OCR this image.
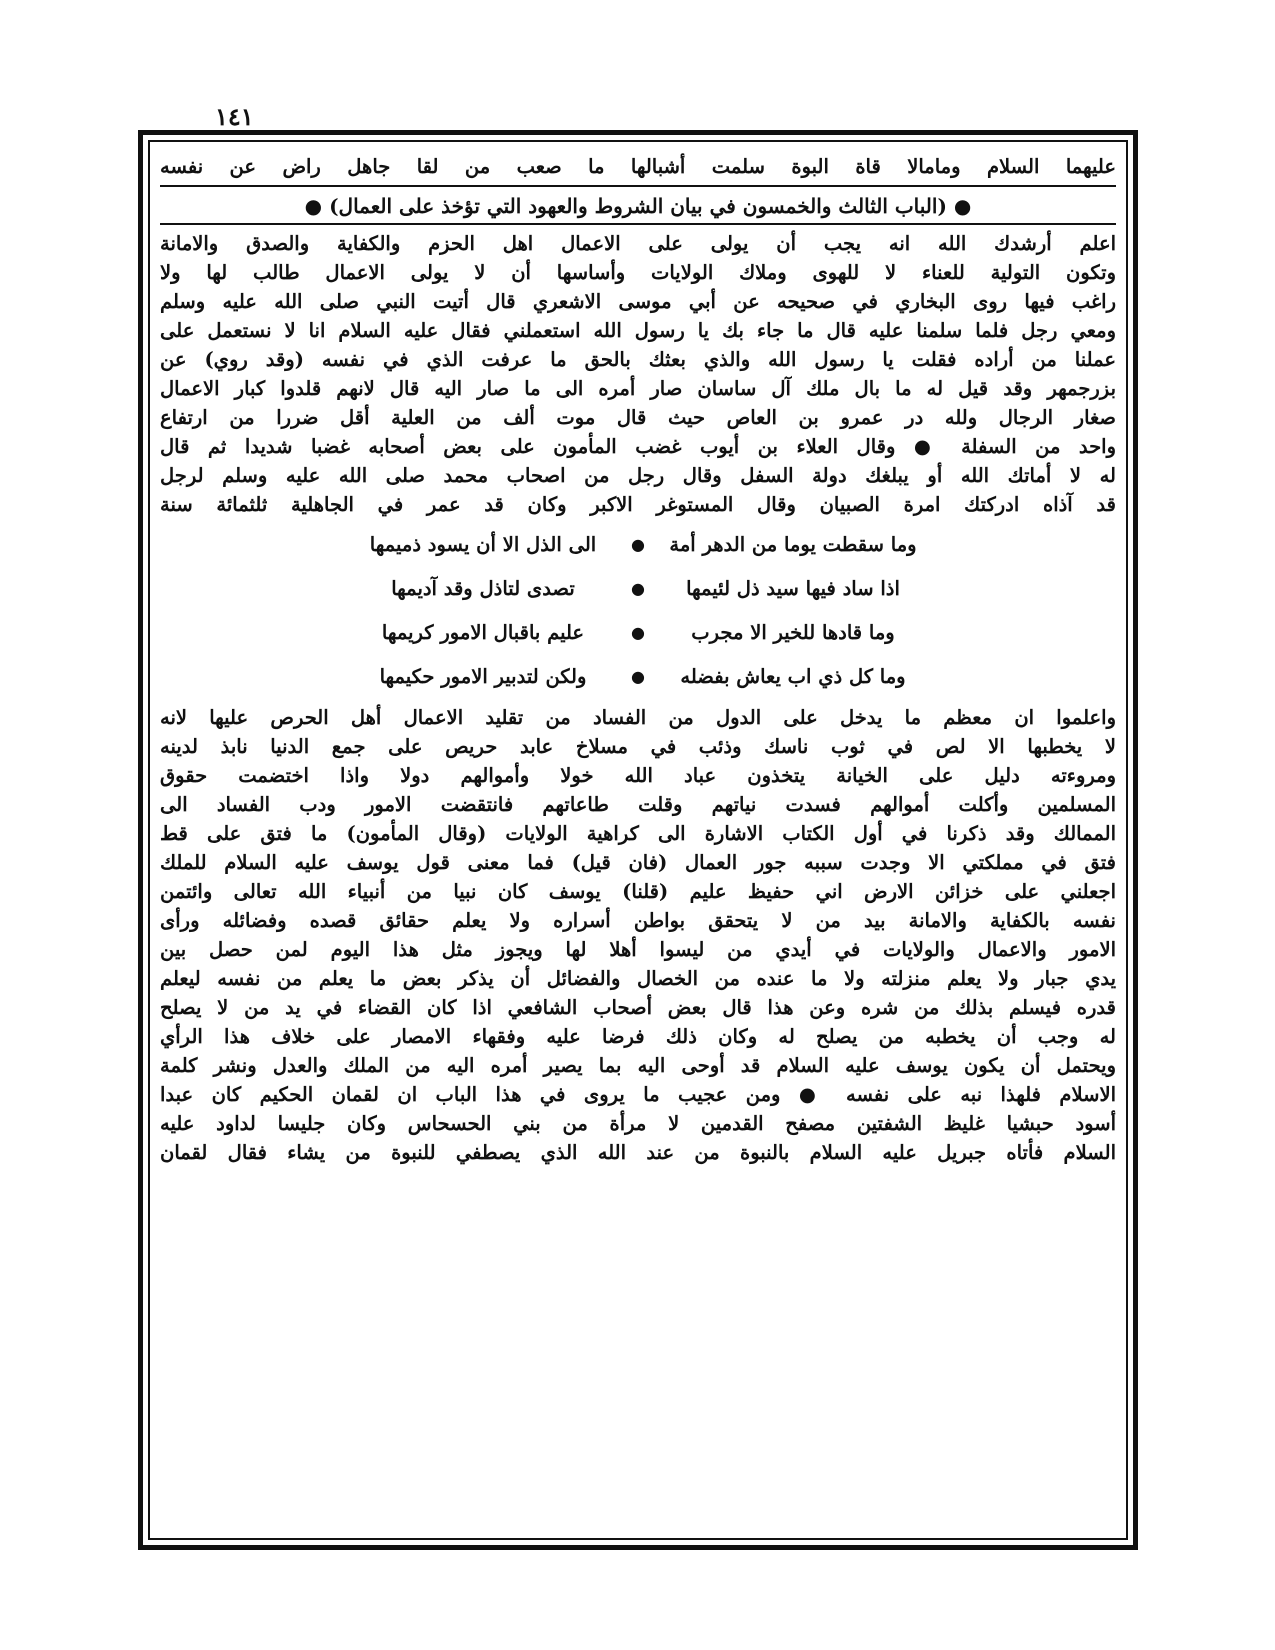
١٤١
عليهما السلام ومامالا قاة البوة سلمت أشبالها ما صعب من لقا جاهل راض عن نفسه
● (الباب الثالث والخمسون في بيان الشروط والعهود التي تؤخذ على العمال) ●
اعلم أرشدك الله انه يجب أن يولى على الاعمال اهل الحزم والكفاية والصدق والامانة
وتكون التولية للعناء لا للهوى وملاك الولايات وأساسها أن لا يولى الاعمال طالب لها ولا
راغب فيها روى البخاري في صحيحه عن أبي موسى الاشعري قال أتيت النبي صلى الله عليه وسلم
ومعي رجل فلما سلمنا عليه قال ما جاء بك يا رسول الله استعملني فقال عليه السلام انا لا نستعمل على
عملنا من أراده فقلت يا رسول الله والذي بعثك بالحق ما عرفت الذي في نفسه (وقد روي) عن
بزرجمهر وقد قيل له ما بال ملك آل ساسان صار أمره الى ما صار اليه قال لانهم قلدوا كبار الاعمال
صغار الرجال ولله در عمرو بن العاص حيث قال موت ألف من العلية أقل ضررا من ارتفاع
واحد من السفلة ● وقال العلاء بن أيوب غضب المأمون على بعض أصحابه غضبا شديدا ثم قال
له لا أماتك الله أو يبلغك دولة السفل وقال رجل من اصحاب محمد صلى الله عليه وسلم لرجل
قد آذاه ادركتك امرة الصبيان وقال المستوغر الاكبر وكان قد عمر في الجاهلية ثلثمائة سنة
وما سقطت يوما من الدهر أمة
●
الى الذل الا أن يسود ذميمها
اذا ساد فيها سيد ذل لئيمها
●
تصدى لتاذل وقد آديمها
وما قادها للخير الا مجرب
●
عليم باقبال الامور كريمها
وما كل ذي اب يعاش بفضله
●
ولكن لتدبير الامور حكيمها
واعلموا ان معظم ما يدخل على الدول من الفساد من تقليد الاعمال أهل الحرص عليها لانه
لا يخطبها الا لص في ثوب ناسك وذئب في مسلاخ عابد حريص على جمع الدنيا نابذ لدينه
ومروءته دليل على الخيانة يتخذون عباد الله خولا وأموالهم دولا واذا اختضمت حقوق
المسلمين وأكلت أموالهم فسدت نياتهم وقلت طاعاتهم فانتقضت الامور ودب الفساد الى
الممالك وقد ذكرنا في أول الكتاب الاشارة الى كراهية الولايات (وقال المأمون) ما فتق على قط
فتق في مملكتي الا وجدت سببه جور العمال (فان قيل) فما معنى قول يوسف عليه السلام للملك
اجعلني على خزائن الارض اني حفيظ عليم (قلنا) يوسف كان نبيا من أنبياء الله تعالى وائتمن
نفسه بالكفاية والامانة بيد من لا يتحقق بواطن أسراره ولا يعلم حقائق قصده وفضائله ورأى
الامور والاعمال والولايات في أيدي من ليسوا أهلا لها ويجوز مثل هذا اليوم لمن حصل بين
يدي جبار ولا يعلم منزلته ولا ما عنده من الخصال والفضائل أن يذكر بعض ما يعلم من نفسه ليعلم
قدره فيسلم بذلك من شره وعن هذا قال بعض أصحاب الشافعي اذا كان القضاء في يد من لا يصلح
له وجب أن يخطبه من يصلح له وكان ذلك فرضا عليه وفقهاء الامصار على خلاف هذا الرأي
ويحتمل أن يكون يوسف عليه السلام قد أوحى اليه بما يصير أمره اليه من الملك والعدل ونشر كلمة
الاسلام فلهذا نبه على نفسه ● ومن عجيب ما يروى في هذا الباب ان لقمان الحكيم كان عبدا
أسود حبشيا غليظ الشفتين مصفح القدمين لا مرأة من بني الحسحاس وكان جليسا لداود عليه
السلام فأتاه جبريل عليه السلام بالنبوة من عند الله الذي يصطفي للنبوة من يشاء فقال لقمان
